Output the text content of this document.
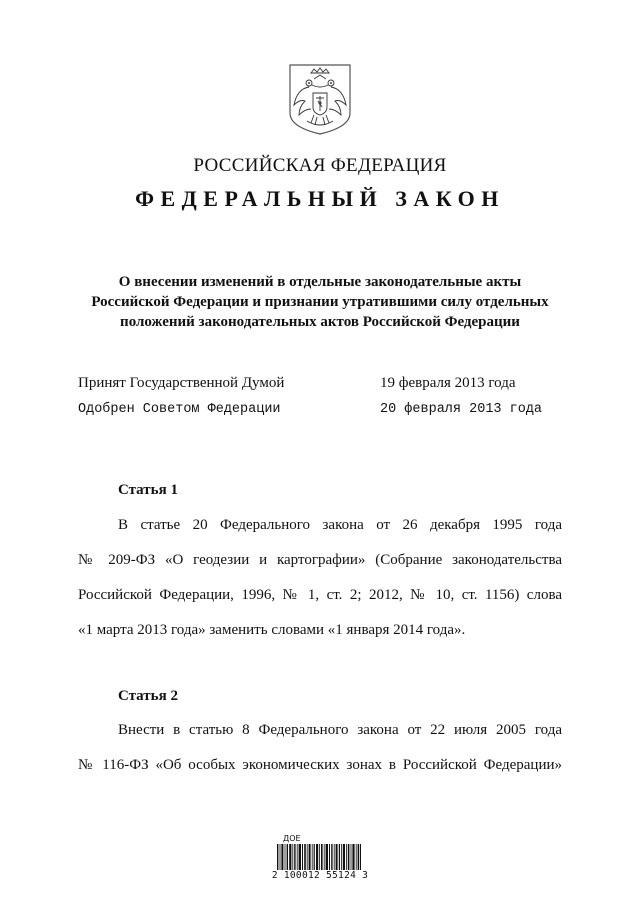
РОССИЙСКАЯ ФЕДЕРАЦИЯ
ФЕДЕРАЛЬНЫЙ ЗАКОН
О внесении изменений в отдельные законодательные акты
Российской Федерации и признании утратившими силу отдельных
положений законодательных актов Российской Федерации
Принят Государственной Думой	19 февраля 2013 года
Одобрен Советом Федерации	20 февраля 2013 года
Статья 1
В статье 20 Федерального закона от 26 декабря 1995 года
№ 209-ФЗ «О геодезии и картографии» (Собрание законодательства
Российской Федерации, 1996, № 1, ст. 2; 2012, № 10, ст. 1156) слова
«1 марта 2013 года» заменить словами «1 января 2014 года».
Статья 2
Внести в статью 8 Федерального закона от 22 июля 2005 года
№ 116-ФЗ «Об особых экономических зонах в Российской Федерации»
ДОЕ
2 100012 55124 3
